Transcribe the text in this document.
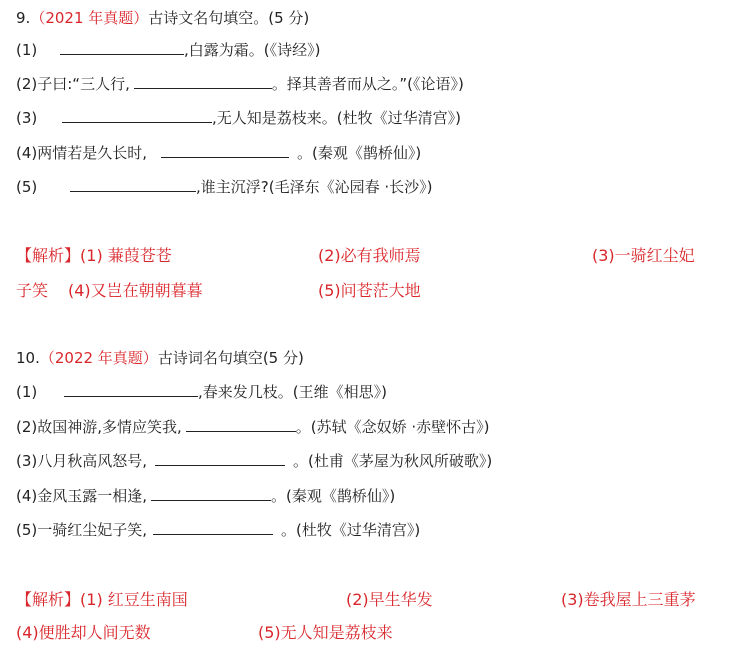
9.（2021 年真题）古诗文名句填空。(5 分)
(1)	,白露为霜。(《诗经》)
(2)子曰:“三人行,	。择其善者而从之。”(《论语》)
(3)	,无人知是荔枝来。(杜牧《过华清宫》)
(4)两情若是久长时,	。(秦观《鹊桥仙》)
(5)	,谁主沉浮?(毛泽东《沁园春 ·长沙》)
【解析】(1) 蒹葭苍苍	(2)必有我师焉	(3)一骑红尘妃
子笑 (4)又岂在朝朝暮暮	(5)问苍茫大地
10.（2022 年真题）古诗词名句填空(5 分)
(1)	,春来发几枝。(王维《相思》)
(2)故国神游,多情应笑我,	。(苏轼《念奴娇 ·赤壁怀古》)
(3)八月秋高风怒号,	。(杜甫《茅屋为秋风所破歌》)
(4)金风玉露一相逢,	。(秦观《鹊桥仙》)
(5)一骑红尘妃子笑,	。(杜牧《过华清宫》)
【解析】(1) 红豆生南国	(2)早生华发	(3)卷我屋上三重茅
(4)便胜却人间无数	(5)无人知是荔枝来
